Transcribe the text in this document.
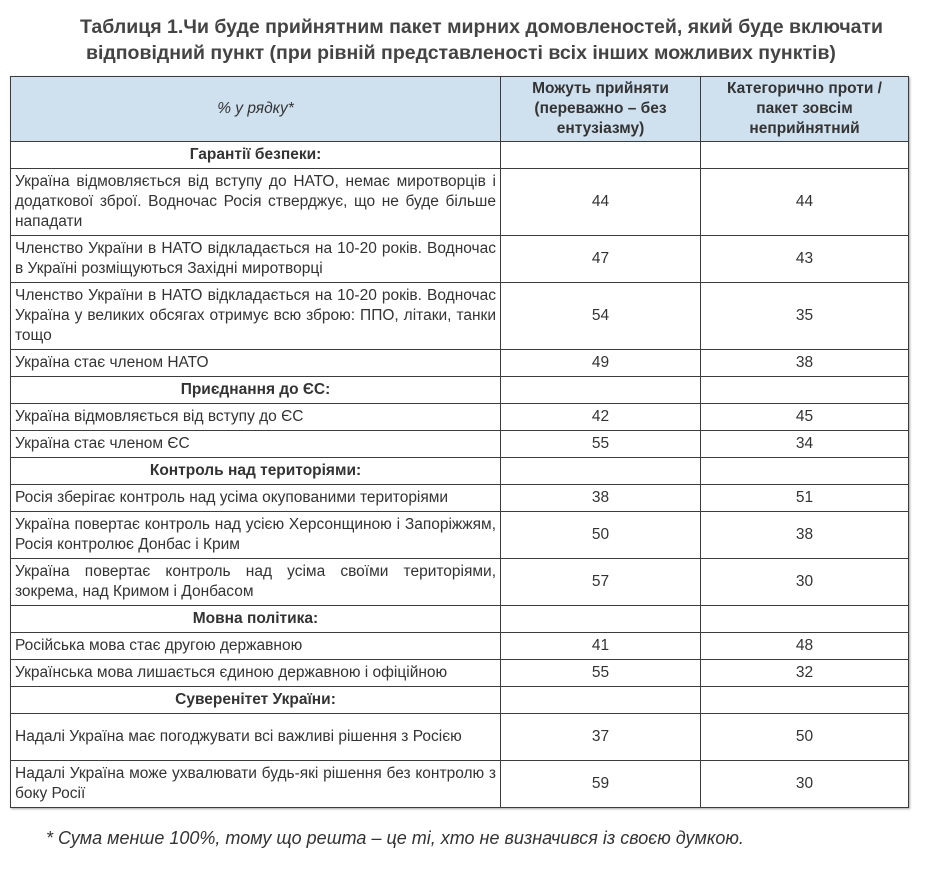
Таблиця 1.Чи буде прийнятним пакет мирних домовленостей, який буде включати
відповідний пункт (при рівній представленості всіх інших можливих пунктів)
% у рядку*	Можуть прийняти (переважно – без ентузіазму)	Категорично проти / пакет зовсім неприйнятний
Гарантії безпеки:		
Україна відмовляється від вступу до НАТО, немає миротворців і додаткової зброї. Водночас Росія стверджує, що не буде більше нападати	44	44
Членство України в НАТО відкладається на 10-20 років. Водночас в Україні розміщуються Західні миротворці	47	43
Членство України в НАТО відкладається на 10-20 років. Водночас Україна у великих обсягах отримує всю зброю: ППО, літаки, танки тощо	54	35
Україна стає членом НАТО	49	38
Приєднання до ЄС:		
Україна відмовляється від вступу до ЄС	42	45
Україна стає членом ЄС	55	34
Контроль над територіями:		
Росія зберігає контроль над усіма окупованими територіями	38	51
Україна повертає контроль над усією Херсонщиною і Запоріжжям, Росія контролює Донбас і Крим	50	38
Україна повертає контроль над усіма своїми територіями, зокрема, над Кримом і Донбасом	57	30
Мовна політика:		
Російська мова стає другою державною	41	48
Українська мова лишається єдиною державною і офіційною	55	32
Суверенітет України:		
Надалі Україна має погоджувати всі важливі рішення з Росією	37	50
Надалі Україна може ухвалювати будь-які рішення без контролю з боку Росії	59	30
* Сума менше 100%, тому що решта – це ті, хто не визначився із своєю думкою.
